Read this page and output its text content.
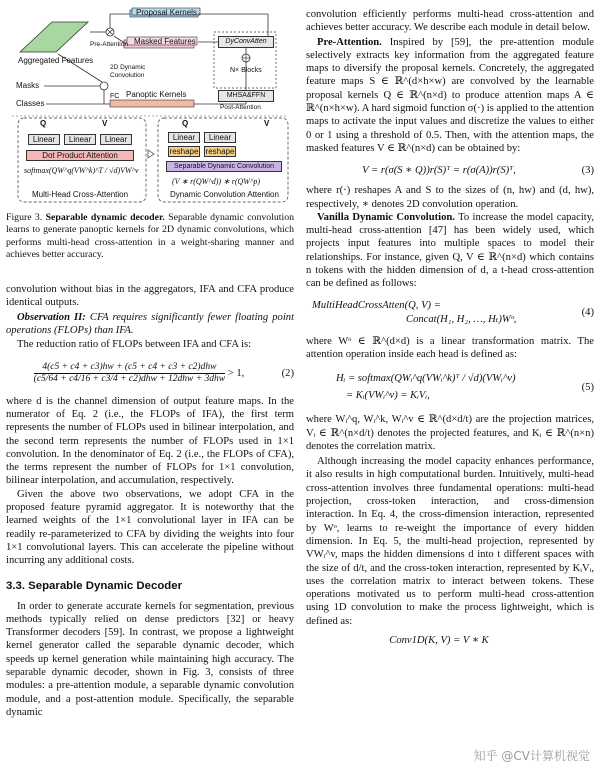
Proposal Kernels
Masked Features
Aggregated Features
Pre-Attention	DyConvAtten
N× Blocks
2D Dynamic Convolution
Masks
Classes
FC Panoptic Kernels	MHSA&FFN
Post-Attention
Q	V
Linear	Linear	Linear
Dot Product Attention
softmax(QW^q(VW^k)^T / √d)VW^v
Multi-Head Cross-Attention
Q	V
Linear	Linear
reshape reshape
Separable Dynamic Convolution
(V ∗ r(QW^d)) ∗ r(QW^p)
Dynamic Convolution Attention

Figure 3. Separable dynamic decoder. Separable dynamic convolution learns to generate panoptic kernels for 2D dynamic convolutions, which performs multi-head cross-attention in a weight-sharing manner and achieves better accuracy.

convolution without bias in the aggregators, IFA and CFA produce identical outputs.

Observation II: CFA requires significantly fewer floating point operations (FLOPs) than IFA.

The reduction ratio of FLOPs between IFA and CFA is:

$\frac{\text{4(c5 + c4 + c3)hw + (c5 + c4 + c3 + c2)dhw}}{\text{(c5/64 + c4/16 + c3/4 + c2)dhw + 12dhw + 3dhw}} > 1$,	(2)

where d is the channel dimension of output feature maps. In the numerator of Eq. 2 (i.e., the FLOPs of IFA), the first term represents the number of FLOPs used in bilinear interpolation, and the second term represents the number of FLOPs used in 1×1 convolution. In the denominator of Eq. 2 (i.e., the FLOPs of CFA), the terms represent the number of FLOPs for 1×1 convolution, bilinear interpolation, and accumulation, respectively.

Given the above two observations, we adopt CFA in the proposed feature pyramid aggregator. It is noteworthy that the learned weights of the 1×1 convolutional layer in IFA can be readily re-parameterized to CFA by dividing the weights into four 1×1 convolutional layers. This can accelerate the pipeline without incurring any additional costs.

3.3. Separable Dynamic Decoder

In order to generate accurate kernels for segmentation, previous methods typically relied on dense predictors [32] or heavy Transformer decoders [59]. In contrast, we propose a lightweight kernel generator called the separable dynamic decoder, which speeds up kernel generation while maintaining high accuracy. The separable dynamic decoder, shown in Fig. 3, consists of three modules: a pre-attention module, a separable dynamic convolution module, and a post-attention module. Specifically, the separable dynamic

convolution efficiently performs multi-head cross-attention and achieves better accuracy. We describe each module in detail below.

Pre-Attention. Inspired by [59], the pre-attention module selectively extracts key information from the aggregated feature maps to diversify the proposal kernels. Concretely, the aggregated feature maps S ∈ ℝ^(d×h×w) are convolved by the learnable proposal kernels Q ∈ ℝ^(n×d) to produce attention maps A ∈ ℝ^(n×h×w). A hard sigmoid function σ(·) is applied to the attention maps to activate the input values and discretize the values to either 0 or 1 using a threshold of 0.5. Then, with the attention maps, the masked features V ∈ ℝ^(n×d) can be obtained by:

V = r(σ(S ∗ Q))r(S)ᵀ = r(σ(A))r(S)ᵀ,	(3)

where r(·) reshapes A and S to the sizes of (n, hw) and (d, hw), respectively, ∗ denotes 2D convolution operation.

Vanilla Dynamic Convolution. To increase the model capacity, multi-head cross-attention [47] has been widely used, which projects input features into multiple spaces to model their relationships. For instance, given Q, V ∈ ℝ^(n×d) which contains n tokens with the hidden dimension of d, a t-head cross-attention can be defined as follows:

MultiHeadCrossAtten(Q, V) =
Concat(H₁, H₂, …, Hₜ)Wᵒ,
(4)

where Wᵒ ∈ ℝ^(d×d) is a linear transformation matrix. The attention operation inside each head is defined as:

Hᵢ = softmax(QWᵢ^q(VWᵢ^k)ᵀ / √d)(VWᵢ^v)
= Kᵢ(VWᵢ^v) = KᵢVᵢ,
(5)

where Wᵢ^q, Wᵢ^k, Wᵢ^v ∈ ℝ^(d×d/t) are the projection matrices, Vᵢ ∈ ℝ^(n×d/t) denotes the projected features, and Kᵢ ∈ ℝ^(n×n) denotes the correlation matrix.

Although increasing the model capacity enhances performance, it also results in high computational burden. Intuitively, multi-head cross-attention involves three fundamental operations: multi-head projection, cross-token interaction, and cross-dimension interaction. In Eq. 4, the cross-dimension interaction, represented by Wᵒ, learns to re-weight the importance of every hidden dimension. In Eq. 5, the multi-head projection, represented by VWᵢ^v, maps the hidden dimensions d into t different spaces with the size of d/t, and the cross-token interaction, represented by KᵢVᵢ, uses the correlation matrix to interact between tokens. These operations motivated us to perform multi-head cross-attention using 1D convolution to make the process lightweight, which is defined as:

Conv1D(K, V) = V ∗ K
知乎 @CV计算机视觉
